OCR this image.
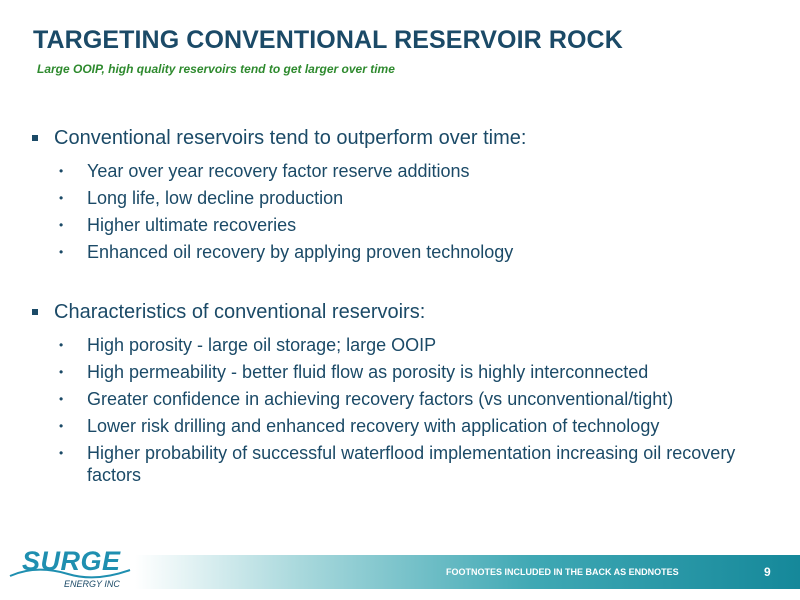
TARGETING CONVENTIONAL RESERVOIR ROCK
Large OOIP, high quality reservoirs tend to get larger over time
Conventional reservoirs tend to outperform over time:
• Year over year recovery factor reserve additions
• Long life, low decline production
• Higher ultimate recoveries
• Enhanced oil recovery by applying proven technology
Characteristics of conventional reservoirs:
• High porosity - large oil storage; large OOIP
• High permeability - better fluid flow as porosity is highly interconnected
• Greater confidence in achieving recovery factors (vs unconventional/tight)
• Lower risk drilling and enhanced recovery with application of technology
• Higher probability of successful waterflood implementation increasing oil recovery factors
SURGE
ENERGY INC
FOOTNOTES INCLUDED IN THE BACK AS ENDNOTES	9
